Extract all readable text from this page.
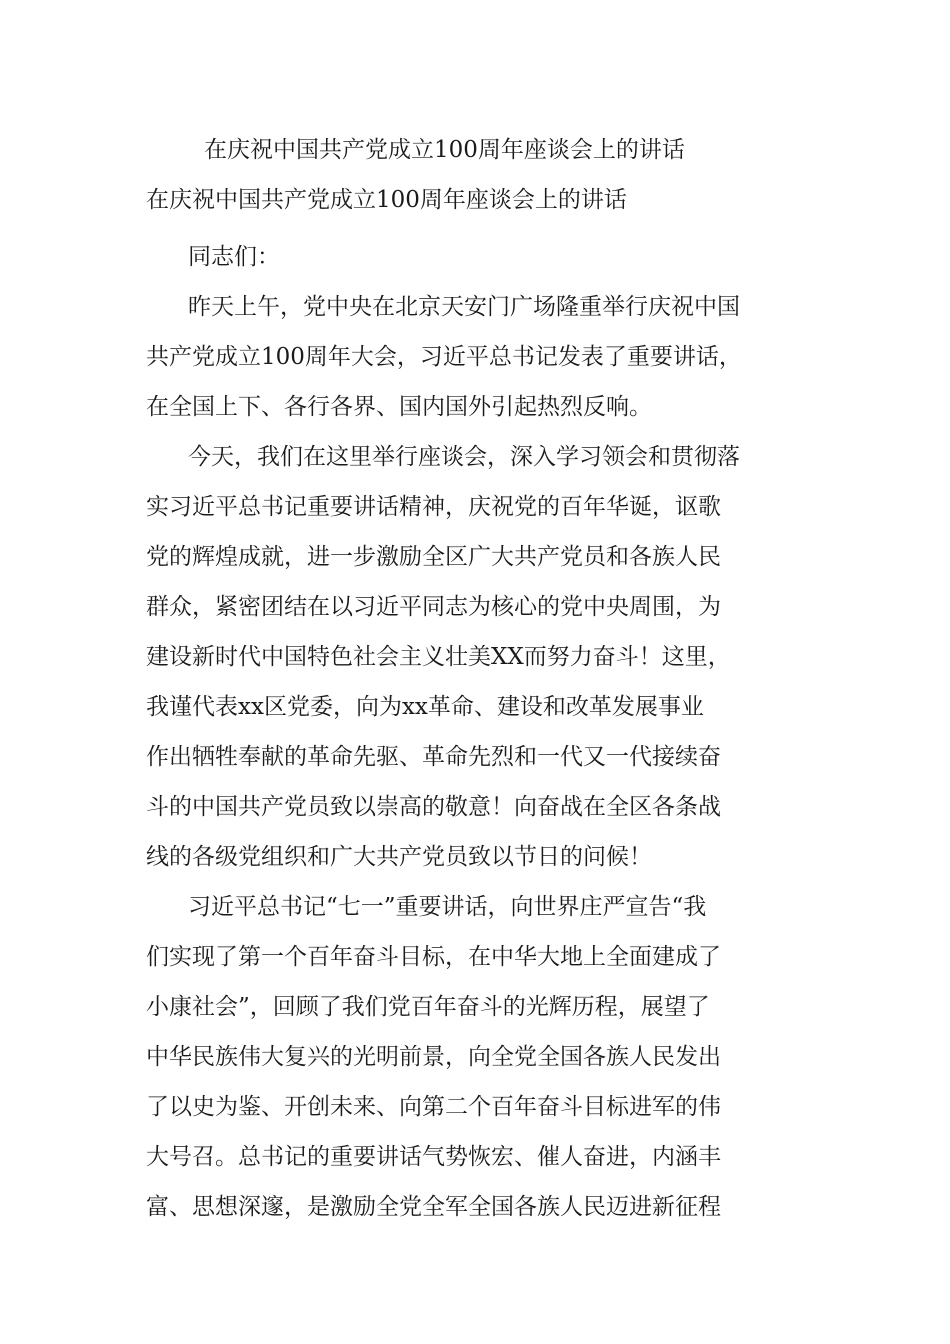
在庆祝中国共产党成立100周年座谈会上的讲话
在庆祝中国共产党成立100周年座谈会上的讲话
同志们：
昨天上午，党中央在北京天安门广场隆重举行庆祝中国
共产党成立100周年大会，习近平总书记发表了重要讲话，
在全国上下、各行各界、国内国外引起热烈反响。
今天，我们在这里举行座谈会，深入学习领会和贯彻落
实习近平总书记重要讲话精神，庆祝党的百年华诞，讴歌
党的辉煌成就，进一步激励全区广大共产党员和各族人民
群众，紧密团结在以习近平同志为核心的党中央周围，为
建设新时代中国特色社会主义壮美XX而努力奋斗！这里，
我谨代表xx区党委，向为xx革命、建设和改革发展事业
作出牺牲奉献的革命先驱、革命先烈和一代又一代接续奋
斗的中国共产党员致以崇高的敬意！向奋战在全区各条战
线的各级党组织和广大共产党员致以节日的问候！
习近平总书记“七一”重要讲话，向世界庄严宣告“我
们实现了第一个百年奋斗目标，在中华大地上全面建成了
小康社会”，回顾了我们党百年奋斗的光辉历程，展望了
中华民族伟大复兴的光明前景，向全党全国各族人民发出
了以史为鉴、开创未来、向第二个百年奋斗目标进军的伟
大号召。总书记的重要讲话气势恢宏、催人奋进，内涵丰
富、思想深邃，是激励全党全军全国各族人民迈进新征程
